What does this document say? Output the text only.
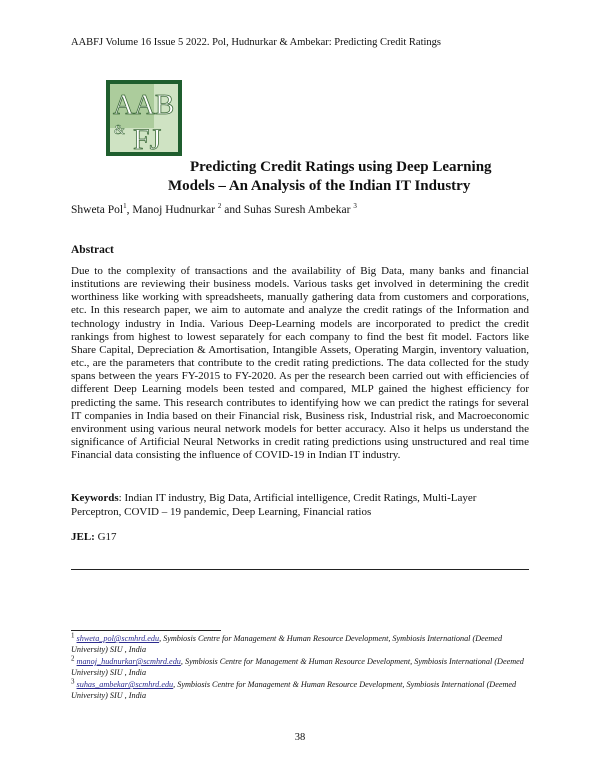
AABFJ Volume 16 Issue 5 2022. Pol, Hudnurkar & Ambekar: Predicting Credit Ratings
AAB
& FJ
Predicting Credit Ratings using Deep Learning
Models – An Analysis of the Indian IT Industry
Shweta Pol$^1$, Manoj Hudnurkar $^2$ and Suhas Suresh Ambekar $^3$
Abstract
Due to the complexity of transactions and the availability of Big Data, many banks and financial institutions are reviewing their business models. Various tasks get involved in determining the credit worthiness like working with spreadsheets, manually gathering data from customers and corporations, etc. In this research paper, we aim to automate and analyze the credit ratings of the Information and technology industry in India. Various Deep-Learning models are incorporated to predict the credit rankings from highest to lowest separately for each company to find the best fit model. Factors like Share Capital, Depreciation & Amortisation, Intangible Assets, Operating Margin, inventory valuation, etc., are the parameters that contribute to the credit rating predictions. The data collected for the study spans between the years FY-2015 to FY-2020. As per the research been carried out with efficiencies of different Deep Learning models been tested and compared, MLP gained the highest efficiency for predicting the same. This research contributes to identifying how we can predict the ratings for several IT companies in India based on their Financial risk, Business risk, Industrial risk, and Macroeconomic environment using various neural network models for better accuracy. Also it helps us understand the significance of Artificial Neural Networks in credit rating predictions using unstructured and real time Financial data consisting the influence of COVID-19 in Indian IT industry.
Keywords: Indian IT industry, Big Data, Artificial intelligence, Credit Ratings, Multi-Layer Perceptron, COVID – 19 pandemic, Deep Learning, Financial ratios
JEL: G17
$^1$ shweta_pol@scmhrd.edu, Symbiosis Centre for Management & Human Resource Development, Symbiosis International (Deemed University) SIU , India
$^2$ manoj_hudnurkar@scmhrd.edu, Symbiosis Centre for Management & Human Resource Development, Symbiosis International (Deemed University) SIU , India
$^3$ suhas_ambekar@scmhrd.edu, Symbiosis Centre for Management & Human Resource Development, Symbiosis International (Deemed University) SIU , India
38
